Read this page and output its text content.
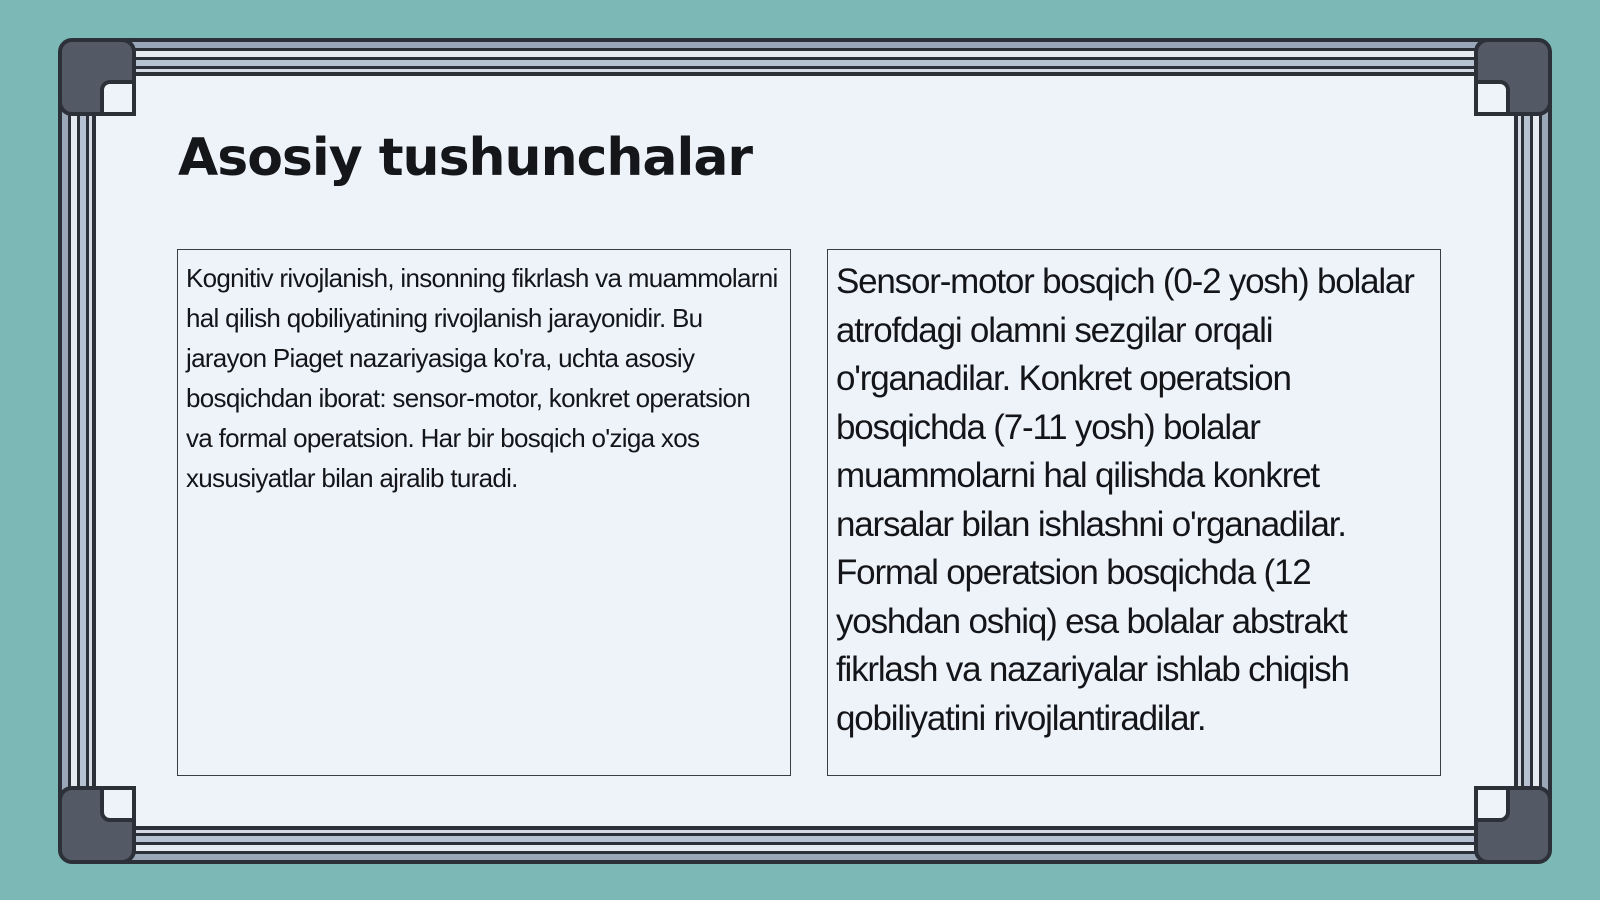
Asosiy tushunchalar
Kognitiv rivojlanish, insonning fikrlash va muammolarni hal qilish qobiliyatining rivojlanish jarayonidir. Bu jarayon Piaget nazariyasiga ko'ra, uchta asosiy bosqichdan iborat: sensor-motor, konkret operatsion va formal operatsion. Har bir bosqich o'ziga xos xususiyatlar bilan ajralib turadi.
Sensor-motor bosqich (0-2 yosh) bolalar atrofdagi olamni sezgilar orqali o'rganadilar. Konkret operatsion bosqichda (7-11 yosh) bolalar muammolarni hal qilishda konkret narsalar bilan ishlashni o'rganadilar. Formal operatsion bosqichda (12 yoshdan oshiq) esa bolalar abstrakt fikrlash va nazariyalar ishlab chiqish qobiliyatini rivojlantiradilar.
